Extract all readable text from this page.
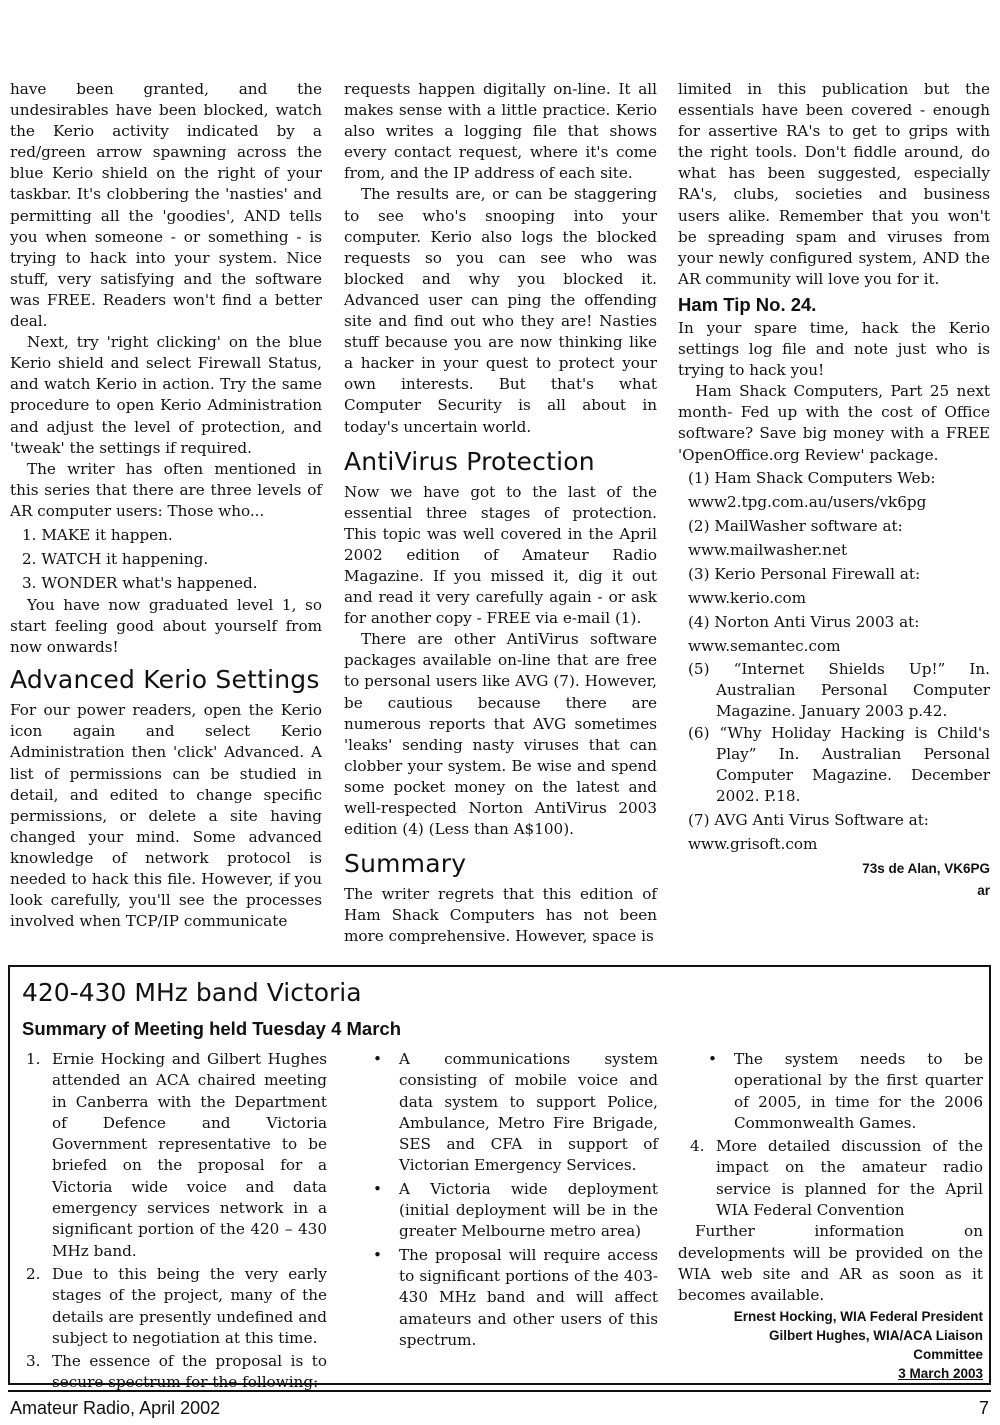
have been granted, and the undesirables have been blocked, watch the Kerio activity indicated by a red/green arrow spawning across the blue Kerio shield on the right of your taskbar. It's clobbering the 'nasties' and permitting all the 'goodies', AND tells you when someone - or something - is trying to hack into your system. Nice stuff, very satisfying and the software was FREE. Readers won't find a better deal.

Next, try 'right clicking' on the blue Kerio shield and select Firewall Status, and watch Kerio in action. Try the same procedure to open Kerio Administration and adjust the level of protection, and 'tweak' the settings if required.

The writer has often mentioned in this series that there are three levels of AR computer users: Those who...

1. MAKE it happen.
2. WATCH it happening.
3. WONDER what's happened.

You have now graduated level 1, so start feeling good about yourself from now onwards!

Advanced Kerio Settings

For our power readers, open the Kerio icon again and select Kerio Administration then 'click' Advanced. A list of permissions can be studied in detail, and edited to change specific permissions, or delete a site having changed your mind. Some advanced knowledge of network protocol is needed to hack this file. However, if you look carefully, you'll see the processes involved when TCP/IP communicate

requests happen digitally on-line. It all makes sense with a little practice. Kerio also writes a logging file that shows every contact request, where it's come from, and the IP address of each site.

The results are, or can be staggering to see who's snooping into your computer. Kerio also logs the blocked requests so you can see who was blocked and why you blocked it. Advanced user can ping the offending site and find out who they are! Nasties stuff because you are now thinking like a hacker in your quest to protect your own interests. But that's what Computer Security is all about in today's uncertain world.

AntiVirus Protection

Now we have got to the last of the essential three stages of protection. This topic was well covered in the April 2002 edition of Amateur Radio Magazine. If you missed it, dig it out and read it very carefully again - or ask for another copy - FREE via e-mail (1).

There are other AntiVirus software packages available on-line that are free to personal users like AVG (7). However, be cautious because there are numerous reports that AVG sometimes 'leaks' sending nasty viruses that can clobber your system. Be wise and spend some pocket money on the latest and well-respected Norton AntiVirus 2003 edition (4) (Less than A$100).

Summary

The writer regrets that this edition of Ham Shack Computers has not been more comprehensive. However, space is

limited in this publication but the essentials have been covered - enough for assertive RA's to get to grips with the right tools. Don't fiddle around, do what has been suggested, especially RA's, clubs, societies and business users alike. Remember that you won't be spreading spam and viruses from your newly configured system, AND the AR community will love you for it.

Ham Tip No. 24.

In your spare time, hack the Kerio settings log file and note just who is trying to hack you!

Ham Shack Computers, Part 25 next month- Fed up with the cost of Office software? Save big money with a FREE 'OpenOffice.org Review' package.

(1) Ham Shack Computers Web:
www2.tpg.com.au/users/vk6pg
(2) MailWasher software at:
www.mailwasher.net
(3) Kerio Personal Firewall at:
www.kerio.com
(4) Norton Anti Virus 2003 at:
www.semantec.com
(5) “Internet Shields Up!” In. Australian Personal Computer Magazine. January 2003 p.42.
(6) “Why Holiday Hacking is Child's Play” In. Australian Personal Computer Magazine. December 2002. P.18.
(7) AVG Anti Virus Software at:
www.grisoft.com
73s de Alan, VK6PG
ar
420-430 MHz band Victoria
Summary of Meeting held Tuesday 4 March
1. Ernie Hocking and Gilbert Hughes attended an ACA chaired meeting in Canberra with the Department of Defence and Victoria Government representative to be briefed on the proposal for a Victoria wide voice and data emergency services network in a significant portion of the 420 – 430 MHz band.
2. Due to this being the very early stages of the project, many of the details are presently undefined and subject to negotiation at this time.
3. The essence of the proposal is to secure spectrum for the following:
• A communications system consisting of mobile voice and data system to support Police, Ambulance, Metro Fire Brigade, SES and CFA in support of Victorian Emergency Services.
• A Victoria wide deployment (initial deployment will be in the greater Melbourne metro area)
• The proposal will require access to significant portions of the 403-430 MHz band and will affect amateurs and other users of this spectrum.
• The system needs to be operational by the first quarter of 2005, in time for the 2006 Commonwealth Games.
4. More detailed discussion of the impact on the amateur radio service is planned for the April WIA Federal Convention

Further information on developments will be provided on the WIA web site and AR as soon as it becomes available.

Ernest Hocking, WIA Federal President
Gilbert Hughes, WIA/ACA Liaison
Committee
3 March 2003
Amateur Radio, April 2002	7
